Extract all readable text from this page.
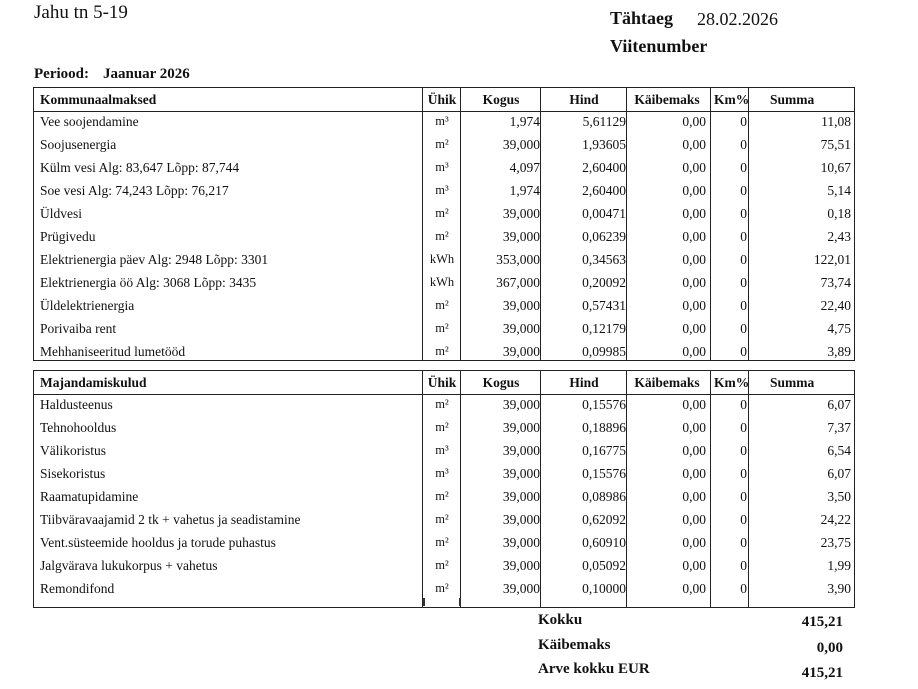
Jahu tn 5-19	Tähtaeg 28.02.2026
Viitenumber
Periood: Jaanuar 2026
Kommunaalmaksed	Ühik	Kogus	Hind	Käibemaks	Km% Summa
Vee soojendamine	m³	1,974	5,61129	0,00	0	11,08
Soojusenergia	m²	39,000	1,93605	0,00	0	75,51
Külm vesi Alg: 83,647 Lõpp: 87,744	m³	4,097	2,60400	0,00	0	10,67
Soe vesi Alg: 74,243 Lõpp: 76,217	m³	1,974	2,60400	0,00	0	5,14
Üldvesi	m²	39,000	0,00471	0,00	0	0,18
Prügivedu	m²	39,000	0,06239	0,00	0	2,43
Elektrienergia päev Alg: 2948 Lõpp: 3301	kWh	353,000	0,34563	0,00	0	122,01
Elektrienergia öö Alg: 3068 Lõpp: 3435	kWh	367,000	0,20092	0,00	0	73,74
Üldelektrienergia	m²	39,000	0,57431	0,00	0	22,40
Porivaiba rent	m²	39,000	0,12179	0,00	0	4,75
Mehhaniseeritud lumetööd	m²	39,000	0,09985	0,00	0	3,89
Majandamiskulud	Ühik	Kogus	Hind	Käibemaks	Km% Summa
Haldusteenus	m²	39,000	0,15576	0,00	0	6,07
Tehnohooldus	m²	39,000	0,18896	0,00	0	7,37
Välikoristus	m³	39,000	0,16775	0,00	0	6,54
Sisekoristus	m³	39,000	0,15576	0,00	0	6,07
Raamatupidamine	m²	39,000	0,08986	0,00	0	3,50
Tiibväravaajamid 2 tk + vahetus ja seadistamine	m²	39,000	0,62092	0,00	0	24,22
Vent.süsteemide hooldus ja torude puhastus	m²	39,000	0,60910	0,00	0	23,75
Jalgvärava lukukorpus + vahetus	m²	39,000	0,05092	0,00	0	1,99
Remondifond	m²	39,000	0,10000	0,00	0	3,90
Kokku	415,21
Käibemaks	0,00
Arve kokku EUR	415,21
